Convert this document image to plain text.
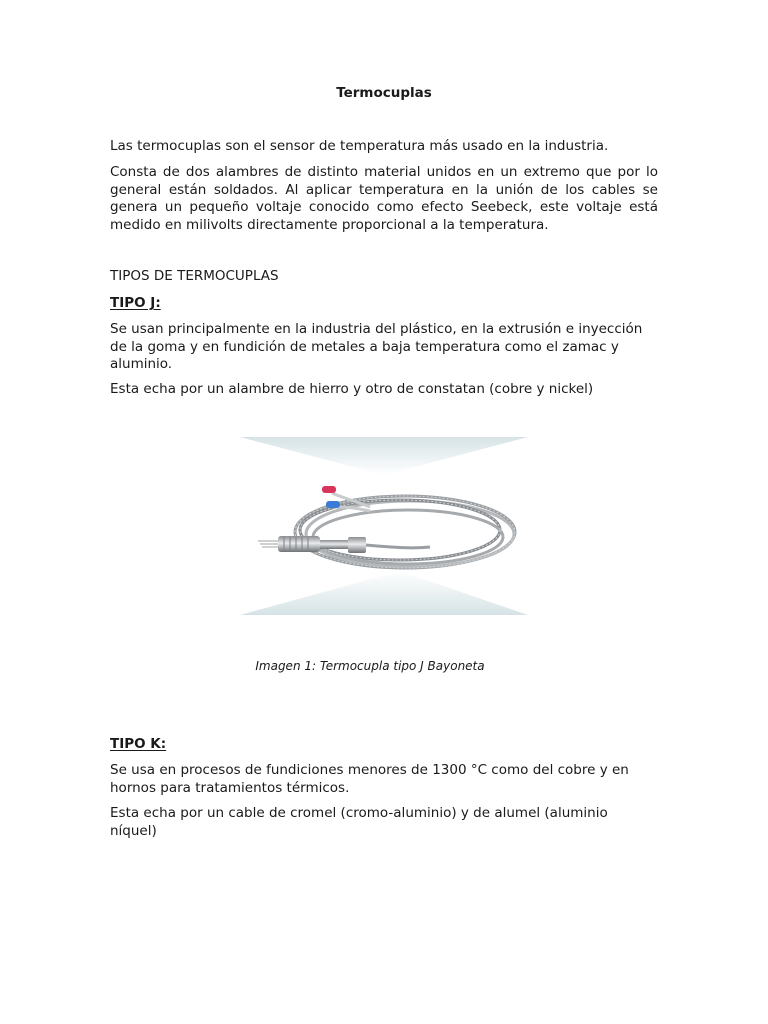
Termocuplas

Las termocuplas son el sensor de temperatura más usado en la industria.

Consta de dos alambres de distinto material unidos en un extremo que por lo general están soldados. Al aplicar temperatura en la unión de los cables se genera un pequeño voltaje conocido como efecto Seebeck, este voltaje está medido en milivolts directamente proporcional a la temperatura.

TIPOS DE TERMOCUPLAS
TIPO J:

Se usan principalmente en la industria del plástico, en la extrusión e inyección de la goma y en fundición de metales a baja temperatura como el zamac y aluminio.

Esta echa por un alambre de hierro y otro de constatan (cobre y nickel)

Imagen 1: Termocupla tipo J Bayoneta
TIPO K:

Se usa en procesos de fundiciones menores de 1300 °C como del cobre y en hornos para tratamientos térmicos.

Esta echa por un cable de cromel (cromo-aluminio) y de alumel (aluminio níquel)
